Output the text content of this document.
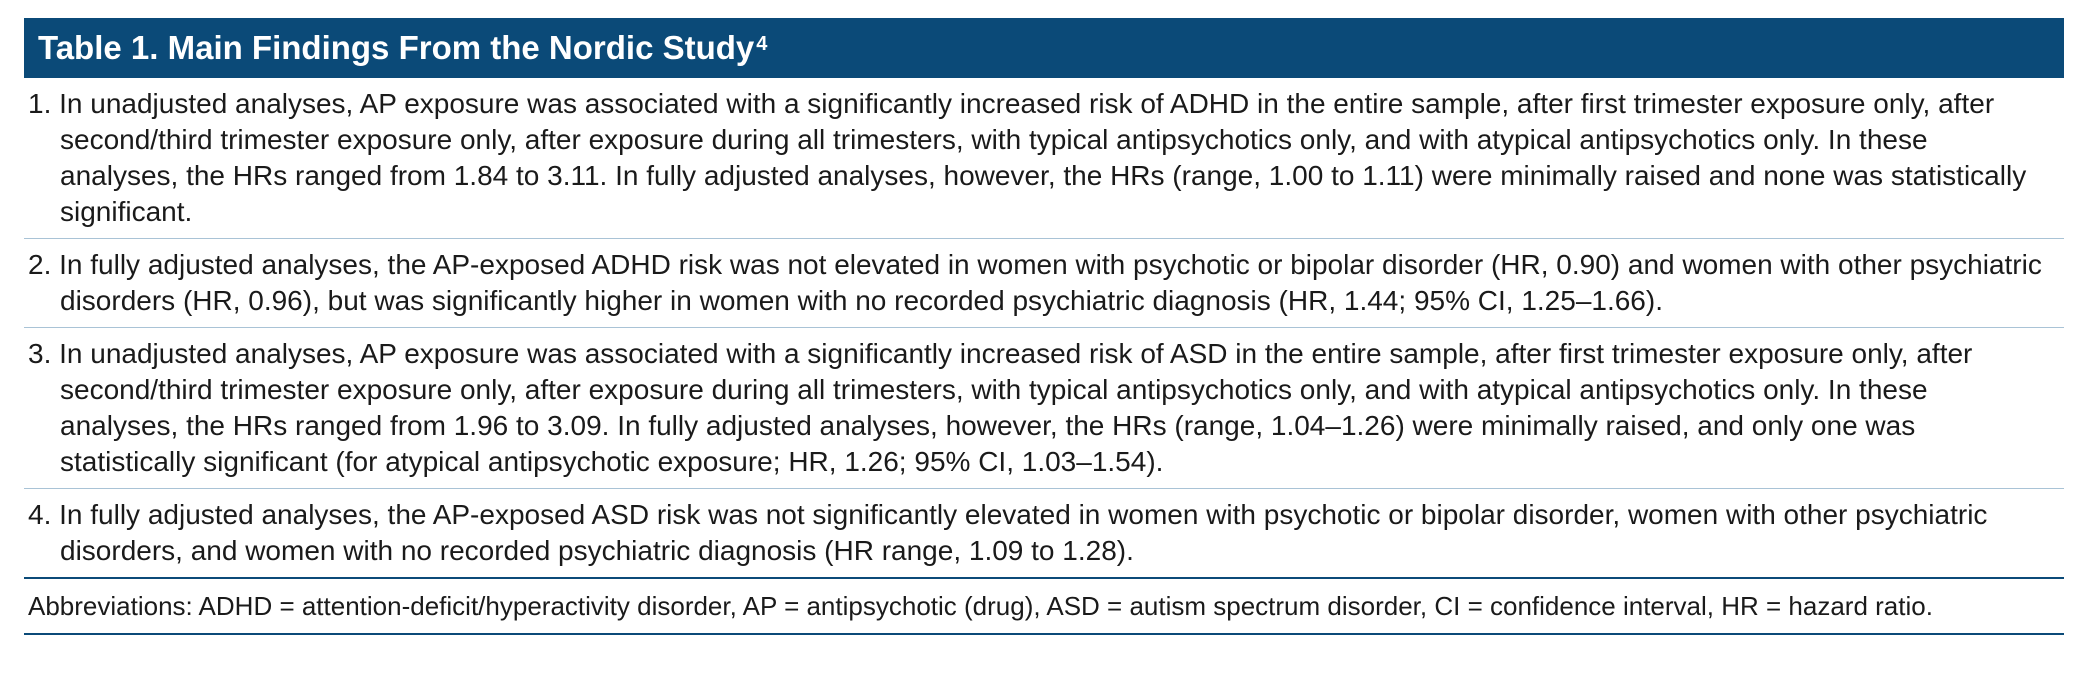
Table 1. Main Findings From the Nordic Study$^4$
1. In unadjusted analyses, AP exposure was associated with a significantly increased risk of ADHD in the entire sample, after first trimester exposure only, after second/third trimester exposure only, after exposure during all trimesters, with typical antipsychotics only, and with atypical antipsychotics only. In these analyses, the HRs ranged from 1.84 to 3.11. In fully adjusted analyses, however, the HRs (range, 1.00 to 1.11) were minimally raised and none was statistically significant.
2. In fully adjusted analyses, the AP-exposed ADHD risk was not elevated in women with psychotic or bipolar disorder (HR, 0.90) and women with other psychiatric disorders (HR, 0.96), but was significantly higher in women with no recorded psychiatric diagnosis (HR, 1.44; 95% CI, 1.25–1.66).
3. In unadjusted analyses, AP exposure was associated with a significantly increased risk of ASD in the entire sample, after first trimester exposure only, after second/third trimester exposure only, after exposure during all trimesters, with typical antipsychotics only, and with atypical antipsychotics only. In these analyses, the HRs ranged from 1.96 to 3.09. In fully adjusted analyses, however, the HRs (range, 1.04–1.26) were minimally raised, and only one was statistically significant (for atypical antipsychotic exposure; HR, 1.26; 95% CI, 1.03–1.54).
4. In fully adjusted analyses, the AP-exposed ASD risk was not significantly elevated in women with psychotic or bipolar disorder, women with other psychiatric disorders, and women with no recorded psychiatric diagnosis (HR range, 1.09 to 1.28).
Abbreviations: ADHD = attention-deficit/hyperactivity disorder, AP = antipsychotic (drug), ASD = autism spectrum disorder, CI = confidence interval, HR = hazard ratio.
